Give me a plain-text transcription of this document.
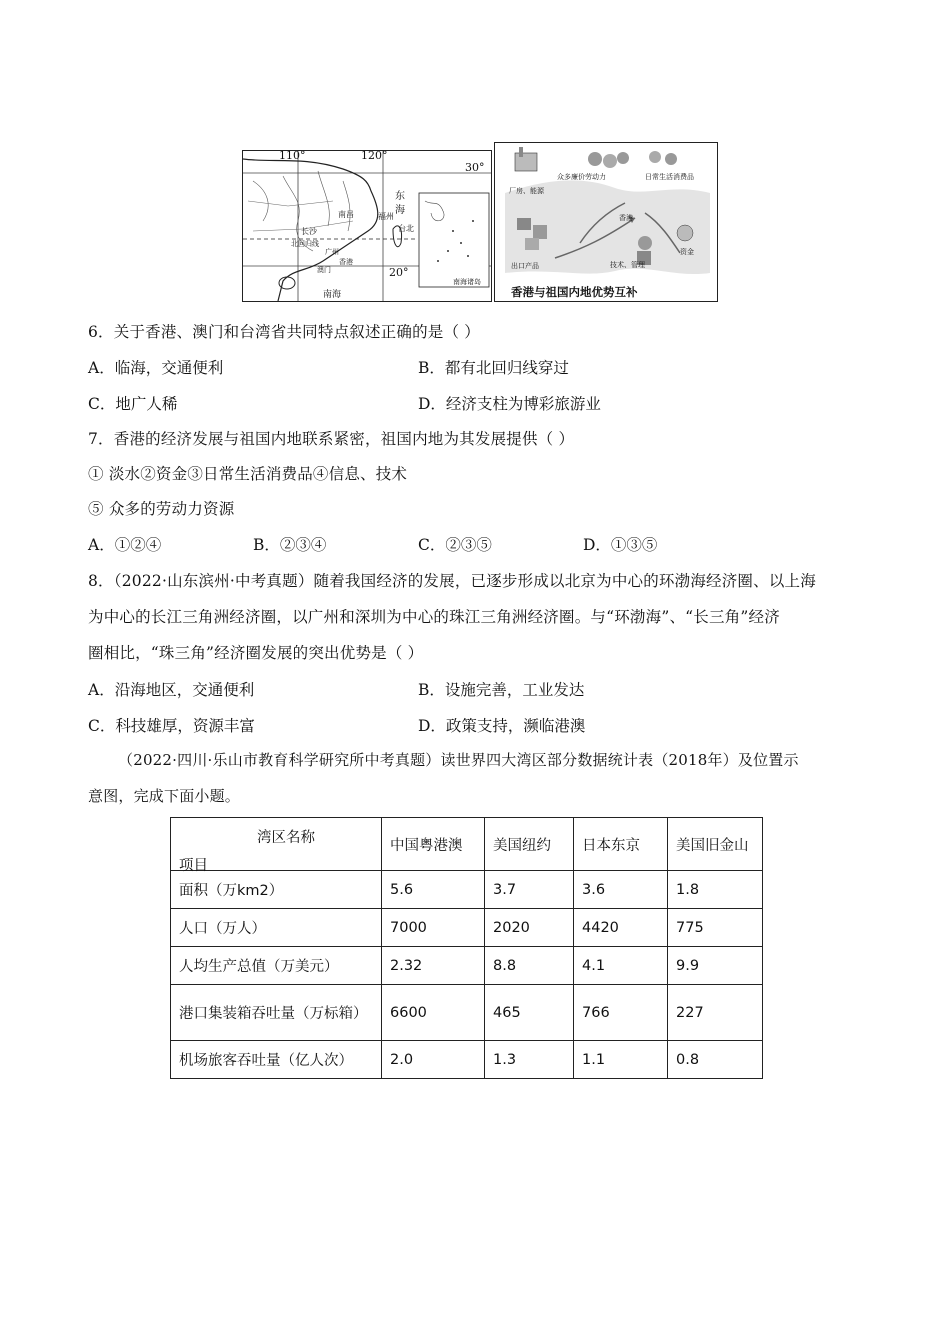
110°	120°
30°
20°
长沙
南昌	福州
台北
东
海
北回归线
广州
香港
澳门
南海
南海诸岛
众多廉价劳动力	日常生活消费品
厂房、能源
香港
资金
出口产品	技术、管理
香港与祖国内地优势互补
6．关于香港、澳门和台湾省共同特点叙述正确的是（ ）
A．临海，交通便利	B．都有北回归线穿过
C．地广人稀	D．经济支柱为博彩旅游业
7．香港的经济发展与祖国内地联系紧密，祖国内地为其发展提供（ ）
① 淡水②资金③日常生活消费品④信息、技术
⑤ 众多的劳动力资源
A．①②④	B．②③④	C．②③⑤	D．①③⑤
8．（2022·山东滨州·中考真题）随着我国经济的发展，已逐步形成以北京为中心的环渤海经济圈、以上海
为中心的长江三角洲经济圈，以广州和深圳为中心的珠江三角洲经济圈。与“环渤海”、“长三角”经济
圈相比，“珠三角”经济圈发展的突出优势是（ ）
A．沿海地区，交通便利	B．设施完善，工业发达
C．科技雄厚，资源丰富	D．政策支持，濒临港澳
（2022·四川·乐山市教育科学研究所中考真题）读世界四大湾区部分数据统计表（2018年）及位置示
意图，完成下面小题。
湾区名称
项目	中国粤港澳	美国纽约	日本东京	美国旧金山
面积（万km2）	5.6	3.7	3.6	1.8
人口（万人）	7000	2020	4420	775
人均生产总值（万美元）	2.32	8.8	4.1	9.9
港口集装箱吞吐量（万标箱）	6600	465	766	227
机场旅客吞吐量（亿人次）	2.0	1.3	1.1	0.8
